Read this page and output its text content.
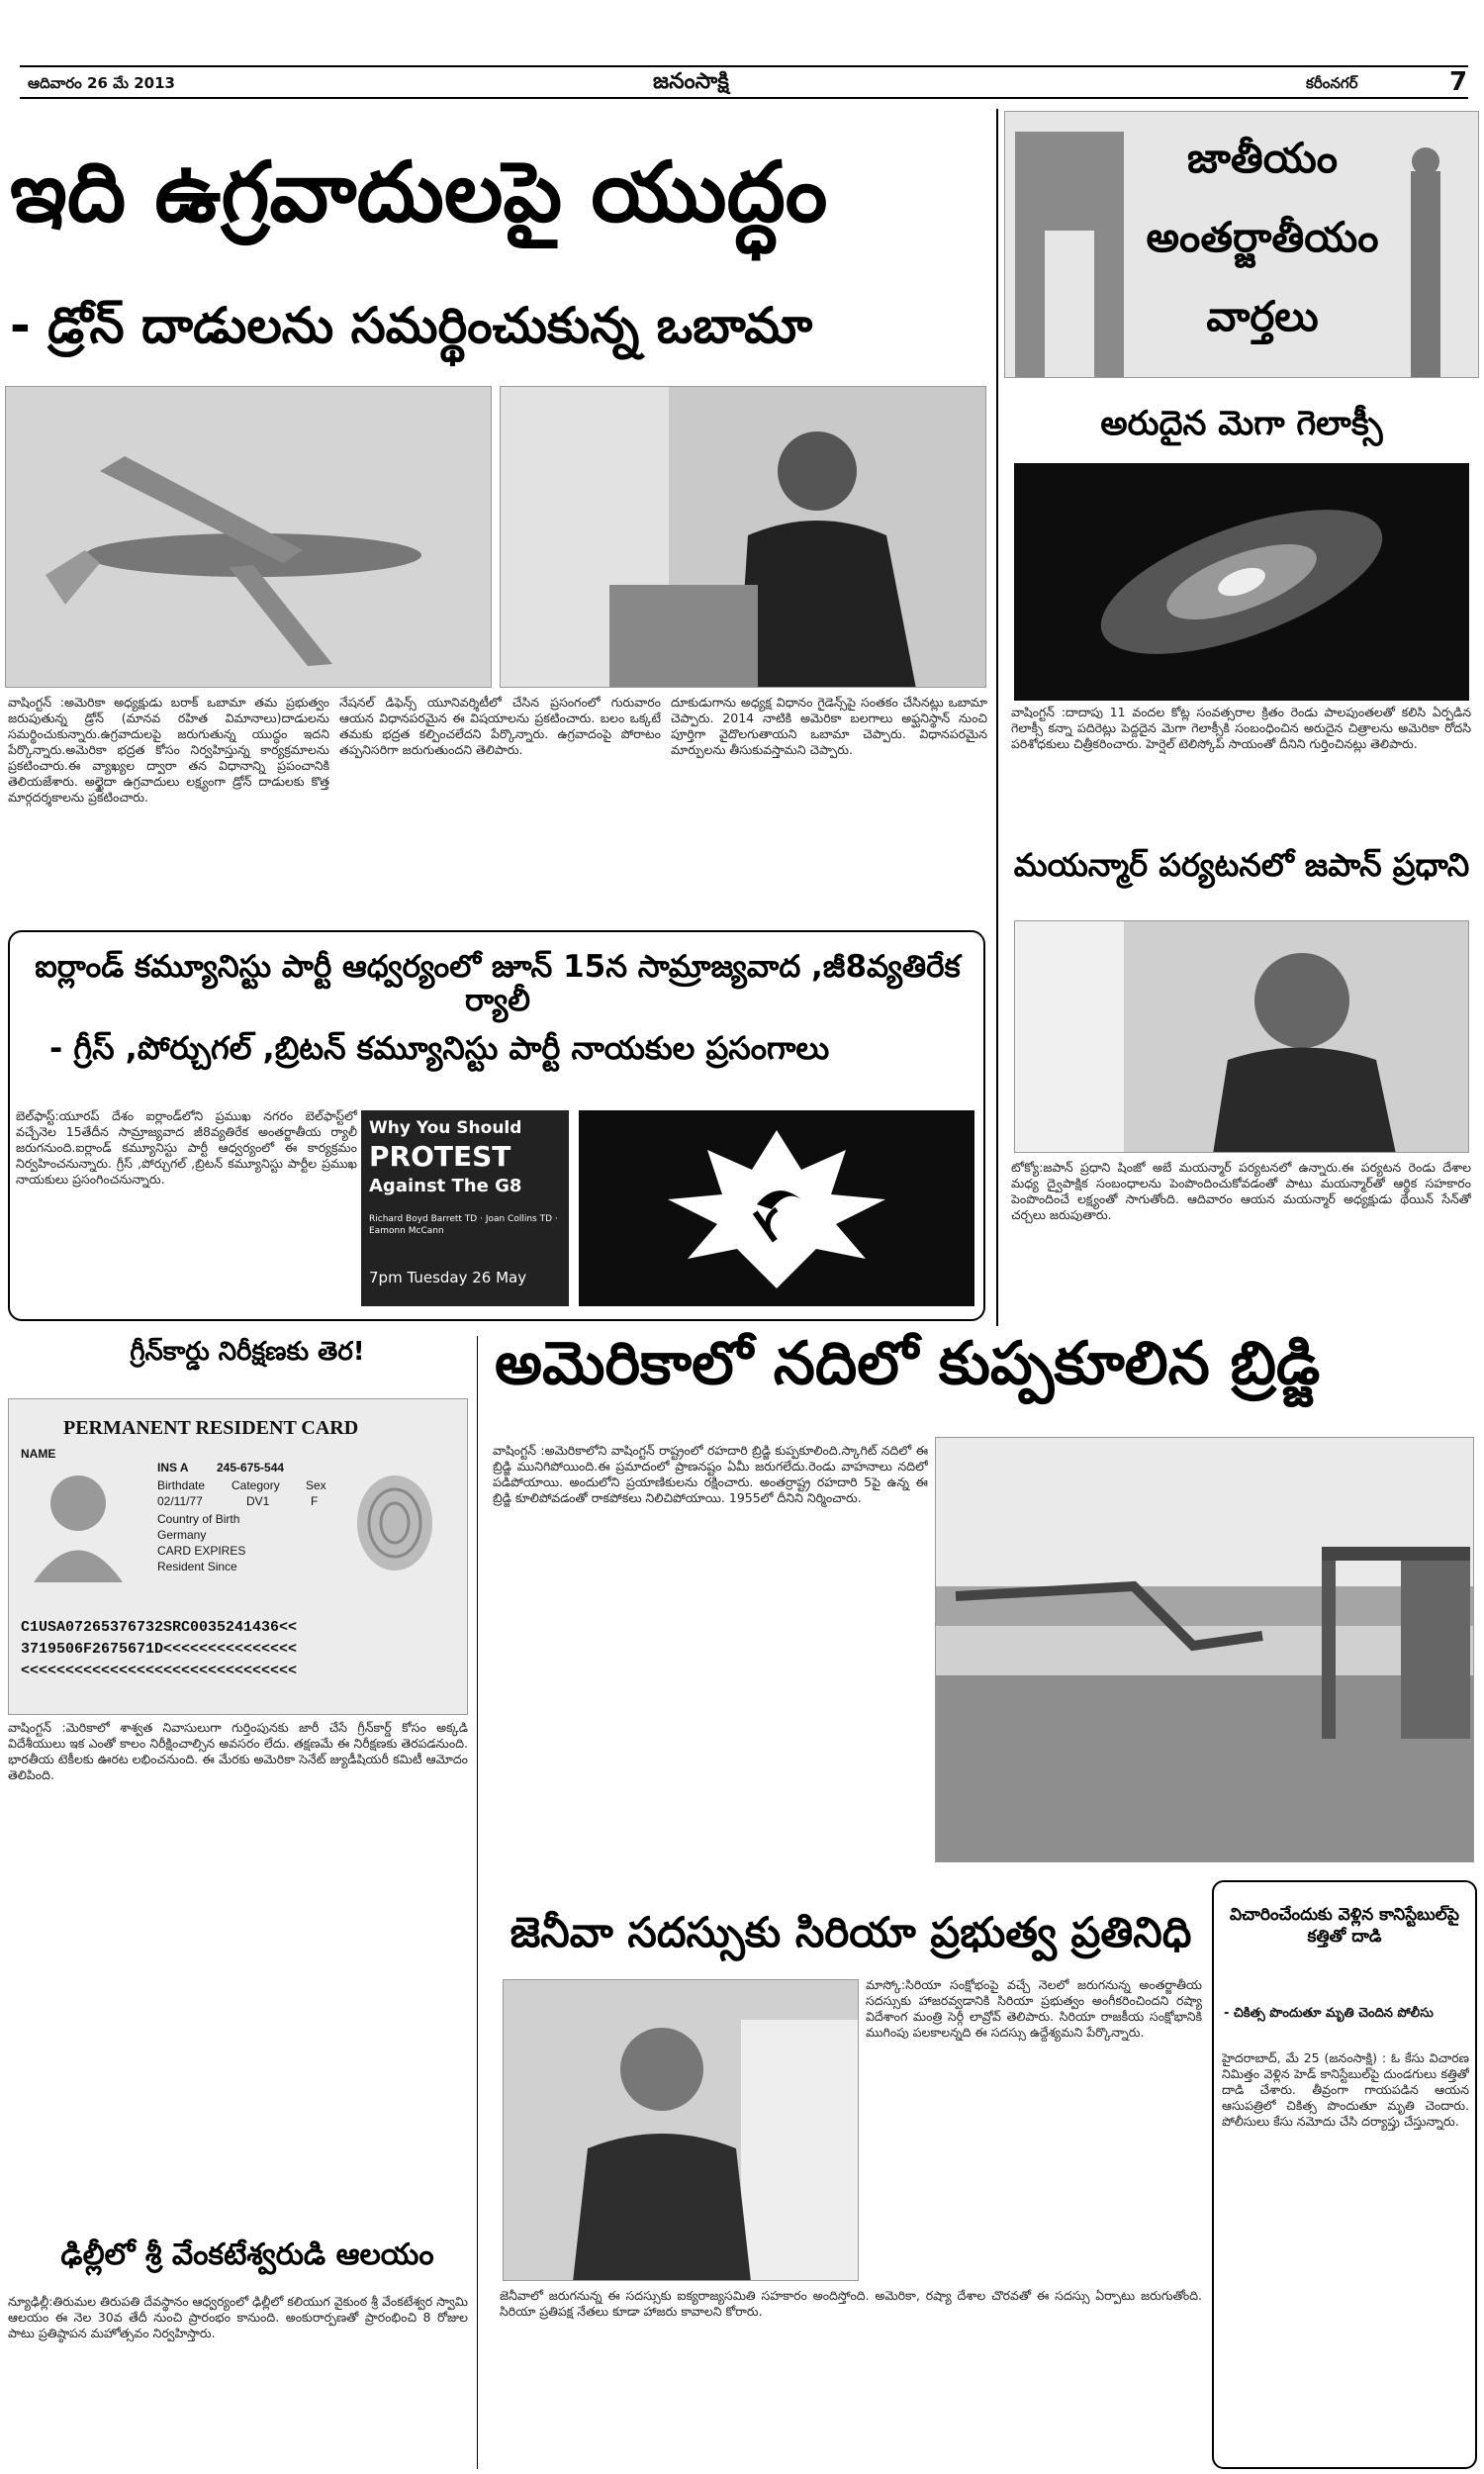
ఆదివారం 26 మే 2013	జనంసాక్షి	కరీంనగర్	7
ఇది ఉగ్రవాదులపై యుద్ధం
- డ్రోన్ దాడులను సమర్థించుకున్న ఒబామా
వాషింగ్టన్ :అమెరికా అధ్యక్షుడు బరాక్ ఒబామా తమ ప్రభుత్వం జరుపుతున్న డ్రోన్ (మానవ రహిత విమానాలు)దాడులను సమర్థించుకున్నారు.ఉగ్రవాదులపై జరుగుతున్న యుద్ధం ఇదని పేర్కొన్నారు.అమెరికా భద్రత కోసం నిర్వహిస్తున్న కార్యక్రమాలను ప్రకటించారు.ఈ వ్యాఖ్యల ద్వారా తన విధానాన్ని ప్రపంచానికి తెలియజేశారు. అల్ఖైదా ఉగ్రవాదులు లక్ష్యంగా డ్రోన్ దాడులకు కొత్త మార్గదర్శకాలను ప్రకటించారు.
నేషనల్ డిఫెన్స్ యూనివర్శిటీలో చేసిన ప్రసంగంలో గురువారం ఆయన విధానపరమైన ఈ విషయాలను ప్రకటించారు. బలం ఒక్కటే తమకు భద్రత కల్పించలేదని పేర్కొన్నారు. ఉగ్రవాదంపై పోరాటం తప్పనిసరిగా జరుగుతుందని తెలిపారు.
దూకుడుగాను అధ్యక్ష విధానం గైడెన్స్‌పై సంతకం చేసినట్లు ఒబామా చెప్పారు. 2014 నాటికి అమెరికా బలగాలు అఫ్ఘనిస్థాన్ నుంచి పూర్తిగా వైదొలగుతాయని ఒబామా చెప్పారు. విధానపరమైన మార్పులను తీసుకువస్తామని చెప్పారు.
జాతీయం
అంతర్జాతీయం
వార్తలు
అరుదైన మెగా గెలాక్సీ
వాషింగ్టన్ :దాదాపు 11 వందల కోట్ల సంవత్సరాల క్రితం రెండు పాలపుంతలతో కలిసి ఏర్పడిన గెలాక్సీ కన్నా పదిరెట్లు పెద్దదైన మెగా గెలాక్సీకి సంబంధించిన అరుదైన చిత్రాలను అమెరికా రోదసి పరిశోధకులు చిత్రీకరించారు. హెర్షెల్ టెలిస్కోప్ సాయంతో దీనిని గుర్తించినట్లు తెలిపారు.
మయన్మార్ పర్యటనలో జపాన్ ప్రధాని
టోక్యో:జపాన్ ప్రధాని షింజో అబే మయన్మార్ పర్యటనలో ఉన్నారు.ఈ పర్యటన రెండు దేశాల మధ్య ద్వైపాక్షిక సంబంధాలను పెంపొందించుకోవడంతో పాటు మయన్మార్‌తో ఆర్థిక సహకారం పెంపొందించే లక్ష్యంతో సాగుతోంది. ఆదివారం ఆయన మయన్మార్ అధ్యక్షుడు థేయిన్ సేన్‌తో చర్చలు జరుపుతారు.
ఐర్లాండ్ కమ్యూనిస్టు పార్టీ ఆధ్వర్యంలో జూన్ 15న సామ్రాజ్యవాద ,జీ8వ్యతిరేక ర్యాలీ
- గ్రీస్ ,పోర్చుగల్ ,బ్రిటన్ కమ్యూనిస్టు పార్టీ నాయకుల ప్రసంగాలు
బెల్‌ఫాస్ట్‌:యూరప్ దేశం ఐర్లాండ్‌లోని ప్రముఖ నగరం బెల్‌ఫాస్ట్‌లో వచ్చేనెల 15తేదీన సామ్రాజ్యవాద జీ8వ్యతిరేక అంతర్జాతీయ ర్యాలీ జరుగనుంది.ఐర్లాండ్ కమ్యూనిస్టు పార్టీ ఆధ్వర్యంలో ఈ కార్యక్రమం నిర్వహించనున్నారు. గ్రీస్ ,పోర్చుగల్ ,బ్రిటన్ కమ్యూనిస్టు పార్టీల ప్రముఖ నాయకులు ప్రసంగించనున్నారు.
Why You Should
PROTEST
Against The G8
Richard Boyd Barrett TD · Joan Collins TD · Eamonn McCann
7pm Tuesday 26 May
గ్రీన్‌కార్డు నిరీక్షణకు తెర!
PERMANENT RESIDENT CARD
NAME
INS A 245-675-544
Birthdate Category Sex
02/11/77	DV1	F
Country of Birth
Germany
CARD EXPIRES
Resident Since
C1USA07265376732SRC0035241436<<
3719506F2675671D<<<<<<<<<<<<<<<
<<<<<<<<<<<<<<<<<<<<<<<<<<<<<<<
వాషింగ్టన్ :మెరికాలో శాశ్వత నివాసులుగా గుర్తింపునకు జారీ చేసే గ్రీన్‌కార్డ్ కోసం అక్కడి విదేశీయులు ఇక ఎంతో కాలం నిరీక్షించాల్సిన అవసరం లేదు. తక్షణమే ఈ నిరీక్షణకు తెరపడనుంది. భారతీయ టెకీలకు ఊరట లభించనుంది. ఈ మేరకు అమెరికా సెనేట్ జ్యుడీషియరీ కమిటీ ఆమోదం తెలిపింది.
ఢిల్లీలో శ్రీ వేంకటేశ్వరుడి ఆలయం
న్యూఢిల్లీ:తిరుమల తిరుపతి దేవస్థానం ఆధ్వర్యంలో ఢిల్లీలో కలియుగ వైకుంఠ శ్రీ వేంకటేశ్వర స్వామి ఆలయం ఈ నెల 30వ తేదీ నుంచి ప్రారంభం కానుంది. అంకురార్పణతో ప్రారంభించి 8 రోజుల పాటు ప్రతిష్ఠాపన మహోత్సవం నిర్వహిస్తారు.
అమెరికాలో నదిలో కుప్పకూలిన బ్రిడ్జి
వాషింగ్టన్ :అమెరికాలోని వాషింగ్టన్ రాష్ట్రంలో రహదారి బ్రిడ్జి కుప్పకూలింది.స్కాగిట్ నదిలో ఈ బ్రిడ్జి మునిగిపోయింది.ఈ ప్రమాదంలో ప్రాణనష్టం ఏమీ జరుగలేదు.రెండు వాహనాలు నదిలో పడిపోయాయి. అందులోని ప్రయాణికులను రక్షించారు. అంతర్రాష్ట్ర రహదారి 5పై ఉన్న ఈ బ్రిడ్జి కూలిపోవడంతో రాకపోకలు నిలిచిపోయాయి. 1955లో దీనిని నిర్మించారు.
జెనీవా సదస్సుకు సిరియా ప్రభుత్వ ప్రతినిధి
మాస్కో:సిరియా సంక్షోభంపై వచ్చే నెలలో జరుగనున్న అంతర్జాతీయ సదస్సుకు హాజరవ్వడానికి సిరియా ప్రభుత్వం అంగీకరించిందని రష్యా విదేశాంగ మంత్రి సెర్గీ లావ్రోవ్ తెలిపారు. సిరియా రాజకీయ సంక్షోభానికి ముగింపు పలకాలన్నది ఈ సదస్సు ఉద్దేశ్యమని పేర్కొన్నారు.
జెనీవాలో జరుగనున్న ఈ సదస్సుకు ఐక్యరాజ్యసమితి సహకారం అందిస్తోంది. అమెరికా, రష్యా దేశాల చొరవతో ఈ సదస్సు ఏర్పాటు జరుగుతోంది. సిరియా ప్రతిపక్ష నేతలు కూడా హాజరు కావాలని కోరారు.
విచారించేందుకు వెళ్లిన కానిస్టేబుల్‌పై కత్తితో దాడి
- చికిత్స పొందుతూ మృతి చెందిన పోలీసు
హైదరాబాద్, మే 25 (జనంసాక్షి) : ఓ కేసు విచారణ నిమిత్తం వెళ్లిన హెడ్ కానిస్టేబుల్‌పై దుండగులు కత్తితో దాడి చేశారు. తీవ్రంగా గాయపడిన ఆయన ఆసుపత్రిలో చికిత్స పొందుతూ మృతి చెందారు. పోలీసులు కేసు నమోదు చేసి దర్యాప్తు చేస్తున్నారు.
